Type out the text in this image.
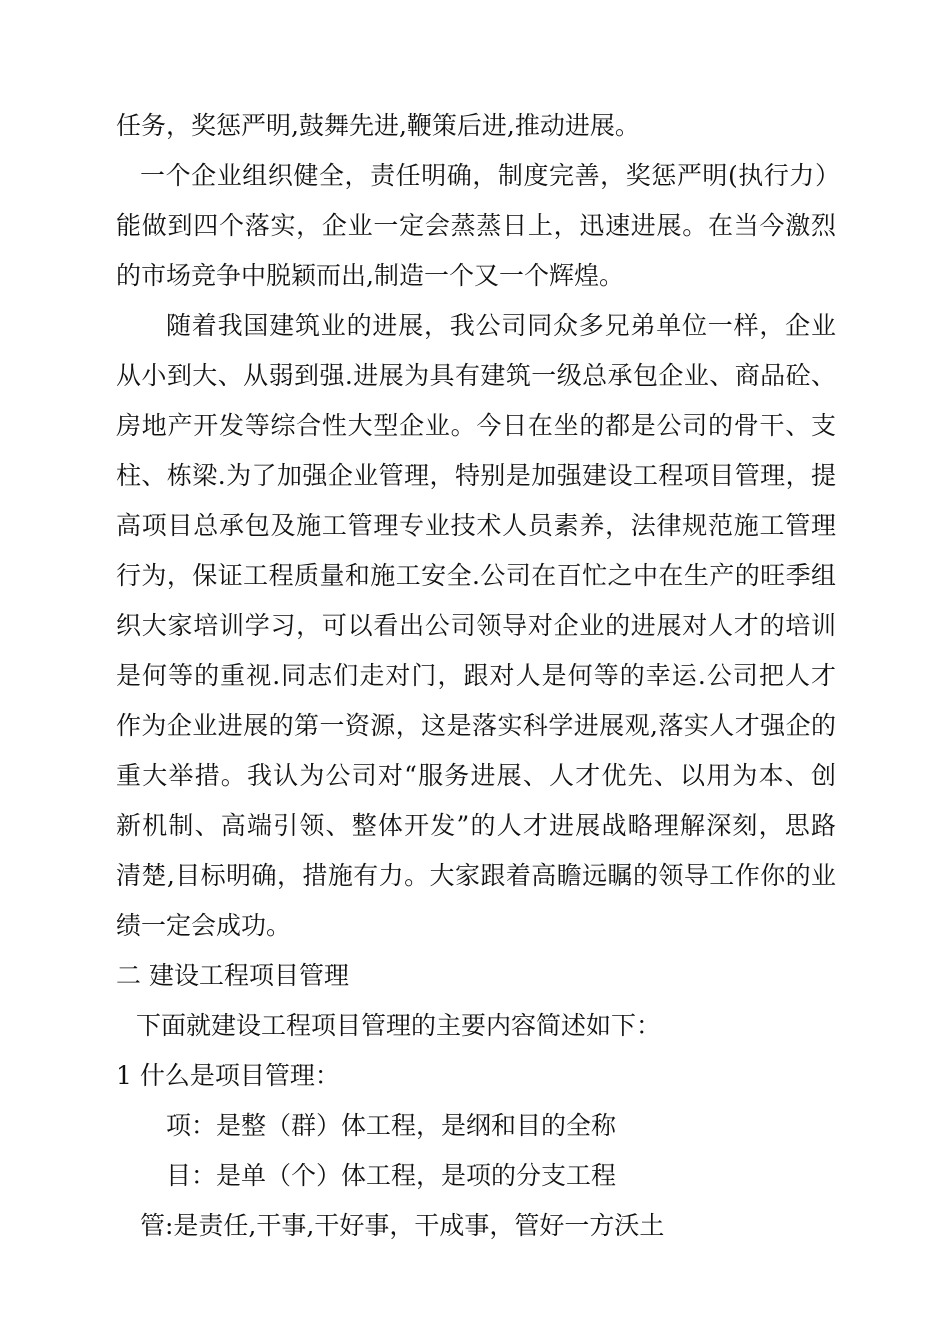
任务，奖惩严明,鼓舞先进,鞭策后进,推动进展。
一个企业组织健全，责任明确，制度完善，奖惩严明(执行力）
能做到四个落实，企业一定会蒸蒸日上，迅速进展。在当今激烈
的市场竞争中脱颖而出,制造一个又一个辉煌。
随着我国建筑业的进展，我公司同众多兄弟单位一样，企业
从小到大、从弱到强.进展为具有建筑一级总承包企业、商品砼、
房地产开发等综合性大型企业。今日在坐的都是公司的骨干、支
柱、栋梁.为了加强企业管理，特别是加强建设工程项目管理，提
高项目总承包及施工管理专业技术人员素养，法律规范施工管理
行为，保证工程质量和施工安全.公司在百忙之中在生产的旺季组
织大家培训学习，可以看出公司领导对企业的进展对人才的培训
是何等的重视.同志们走对门，跟对人是何等的幸运.公司把人才
作为企业进展的第一资源，这是落实科学进展观,落实人才强企的
重大举措。我认为公司对“服务进展、人才优先、以用为本、创
新机制、高端引领、整体开发”的人才进展战略理解深刻，思路
清楚,目标明确，措施有力。大家跟着高瞻远瞩的领导工作你的业
绩一定会成功。
二 建设工程项目管理
下面就建设工程项目管理的主要内容简述如下：
1 什么是项目管理：
项：是整（群）体工程，是纲和目的全称
目：是单（个）体工程，是项的分支工程
管:是责任,干事,干好事，干成事，管好一方沃土
